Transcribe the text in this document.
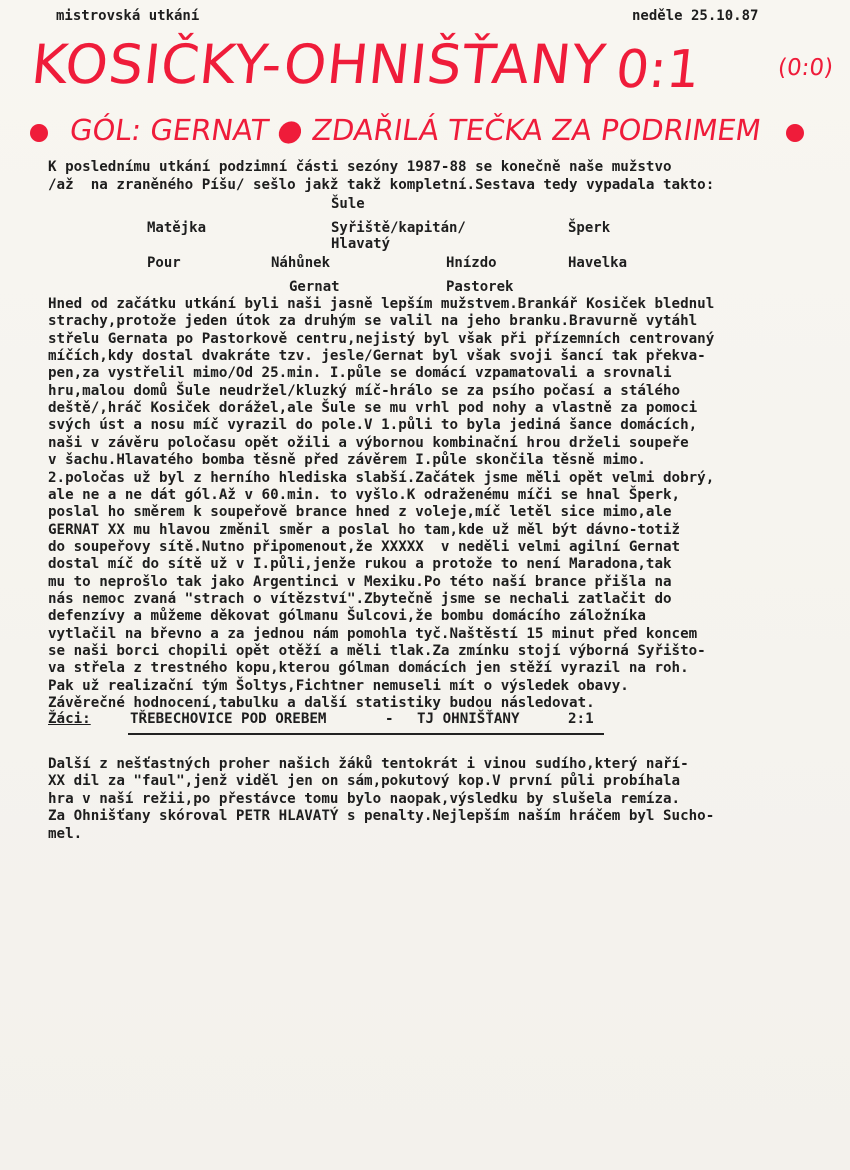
mistrovská utkání	neděle 25.10.87
KOSIČKY-OHNIŠŤANY 0:1	(0:0)
GÓL: GERNAT ● ZDAŘILÁ TEČKA ZA PODRIMEM
K poslednímu utkání podzimní části sezóny 1987-88 se konečně naše mužstvo
/až  na zraněného Píšu/ sešlo jakž takž kompletní.Sestava tedy vypadala takto:
Šule
Matějka	Syřiště/kapitán/	Šperk
Hlavatý
Pour	Náhůnek	Hnízdo	Havelka
Gernat	Pastorek
Hned od začátku utkání byli naši jasně lepším mužstvem.Brankář Kosiček blednul
strachy,protože jeden útok za druhým se valil na jeho branku.Bravurně vytáhl
střelu Gernata po Pastorkově centru,nejistý byl však při přízemních centrovaný
míčích,kdy dostal dvakráte tzv. jesle/Gernat byl však svoji šancí tak překva-
pen,za vystřelil mimo/Od 25.min. I.půle se domácí vzpamatovali a srovnali
hru,malou domů Šule neudržel/kluzký míč-hrálo se za psího počasí a stálého
deště/,hráč Kosiček dorážel,ale Šule se mu vrhl pod nohy a vlastně za pomoci
svých úst a nosu míč vyrazil do pole.V 1.půli to byla jediná šance domácích,
naši v závěru poločasu opět ožili a výbornou kombinační hrou drželi soupeře
v šachu.Hlavatého bomba těsně před závěrem I.půle skončila těsně mimo.
2.poločas už byl z herního hlediska slabší.Začátek jsme měli opět velmi dobrý,
ale ne a ne dát gól.Až v 60.min. to vyšlo.K odraženému míči se hnal Šperk,
poslal ho směrem k soupeřově brance hned z voleje,míč letěl sice mimo,ale
GERNAT XX mu hlavou změnil směr a poslal ho tam,kde už měl být dávno-totiž
do soupeřovy sítě.Nutno připomenout,že XXXXX  v neděli velmi agilní Gernat
dostal míč do sítě už v I.půli,jenže rukou a protože to není Maradona,tak
mu to neprošlo tak jako Argentinci v Mexiku.Po této naší brance přišla na
nás nemoc zvaná "strach o vítězství".Zbytečně jsme se nechali zatlačit do
defenzívy a můžeme děkovat gólmanu Šulcovi,že bombu domácího záložníka
vytlačil na břevno a za jednou nám pomohla tyč.Naštěstí 15 minut před koncem
se naši borci chopili opět otěží a měli tlak.Za zmínku stojí výborná Syřišto-
va střela z trestného kopu,kterou gólman domácích jen stěží vyrazil na roh.
Pak už realizační tým Šoltys,Fichtner nemuseli mít o výsledek obavy.
Závěrečné hodnocení,tabulku a další statistiky budou následovat.
Žáci:	TŘEBECHOVICE POD OREBEM	- TJ OHNIŠŤANY	2:1
Další z nešťastných proher našich žáků tentokrát i vinou sudího,který naří-
XX dil za "faul",jenž viděl jen on sám,pokutový kop.V první půli probíhala
hra v naší režii,po přestávce tomu bylo naopak,výsledku by slušela remíza.
Za Ohnišťany skóroval PETR HLAVATÝ s penalty.Nejlepším naším hráčem byl Sucho-
mel.
